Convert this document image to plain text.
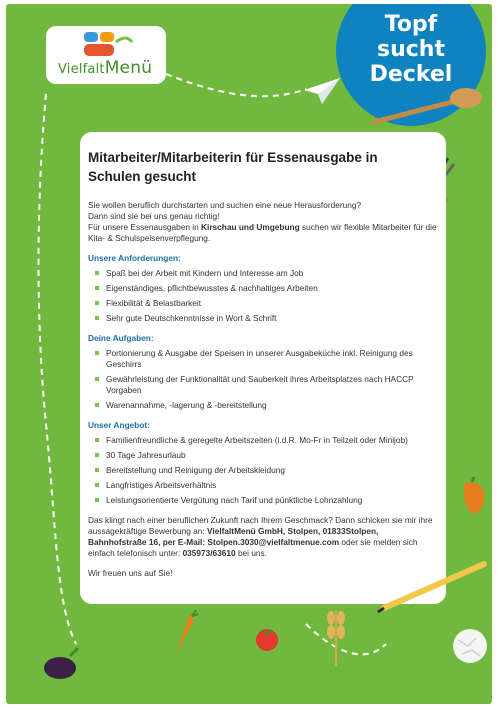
VielfaltMenü
Topf
sucht
Deckel
Mitarbeiter/Mitarbeiterin für Essenausgabe in Schulen gesucht

Sie wollen beruflich durchstarten und suchen eine neue Herausforderung?
Dann sind sie bei uns genau richtig!
Für unsere Essenausgaben in Kirschau und Umgebung suchen wir flexible Mitarbeiter für die Kita- & Schulspeisenverpflegung.

Unsere Anforderungen:
Spaß bei der Arbeit mit Kindern und Interesse am Job
Eigenständiges, pflichtbewusstes & nachhaltiges Arbeiten
Flexibilität & Belastbarkeit
Sehr gute Deutschkenntnisse in Wort & Schrift
Deine Aufgaben:
Portionierung & Ausgabe der Speisen in unserer Ausgabeküche inkl. Reinigung des Geschirrs
Gewährleistung der Funktionalität und Sauberkeit ihres Arbeitsplatzes nach HACCP Vorgaben
Warenannahme, -lagerung & -bereitstellung
Unser Angebot:
Familienfreundliche & geregelte Arbeitszeiten (i.d.R. Mo-Fr in Teilzeit oder Minijob)
30 Tage Jahresurlaub
Bereitstellung und Reinigung der Arbeitskleidung
Langfristiges Arbeitsverhältnis
Leistungsorientierte Vergütung nach Tarif und pünktliche Lohnzahlung

Das klingt nach einer beruflichen Zukunft nach Ihrem Geschmack? Dann schicken sie mir ihre aussagekräftige Bewerbung an: VielfaltMenü GmbH, Stolpen, 01833Stolpen, Bahnhofstraße 16, per E-Mail: Stolpen.3030@vielfaltmenue.com oder sie melden sich einfach telefonisch unter: 035973/63610 bei uns.

Wir freuen uns auf Sie!
